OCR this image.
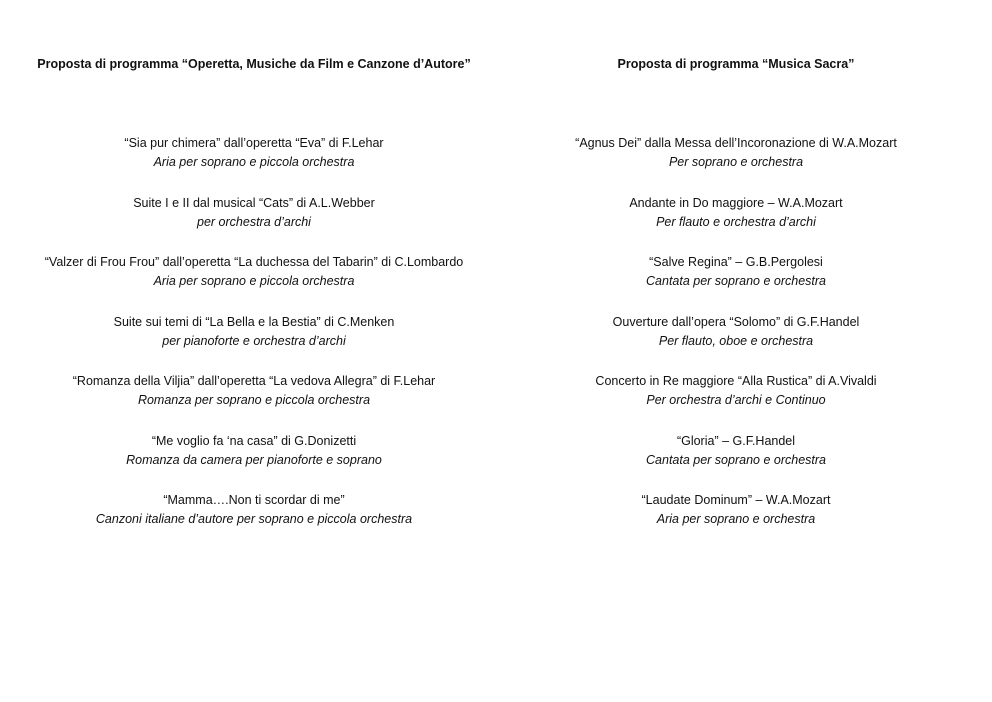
Proposta di programma “Operetta, Musiche da Film e Canzone d’Autore”
“Sia pur chimera” dall’operetta “Eva” di F.Lehar
Aria per soprano e piccola orchestra
Suite I e II dal musical “Cats” di A.L.Webber
per orchestra d’archi
“Valzer di Frou Frou” dall’operetta “La duchessa del Tabarin” di C.Lombardo
Aria per soprano e piccola orchestra
Suite sui temi di “La Bella e la Bestia” di C.Menken
per pianoforte e orchestra d’archi
“Romanza della Viljia” dall’operetta “La vedova Allegra” di F.Lehar
Romanza per soprano e piccola orchestra
“Me voglio fa ‘na casa” di G.Donizetti
Romanza da camera per pianoforte e soprano
“Mamma….Non ti scordar di me”
Canzoni italiane d’autore per soprano e piccola orchestra
Proposta di programma “Musica Sacra”
“Agnus Dei” dalla Messa dell’Incoronazione di W.A.Mozart
Per soprano e orchestra
Andante in Do maggiore – W.A.Mozart
Per flauto e orchestra d’archi
“Salve Regina” – G.B.Pergolesi
Cantata per soprano e orchestra
Ouverture dall’opera “Solomo” di G.F.Handel
Per flauto, oboe e orchestra
Concerto in Re maggiore “Alla Rustica” di A.Vivaldi
Per orchestra d’archi e Continuo
“Gloria” – G.F.Handel
Cantata per soprano e orchestra
“Laudate Dominum” – W.A.Mozart
Aria per soprano e orchestra
